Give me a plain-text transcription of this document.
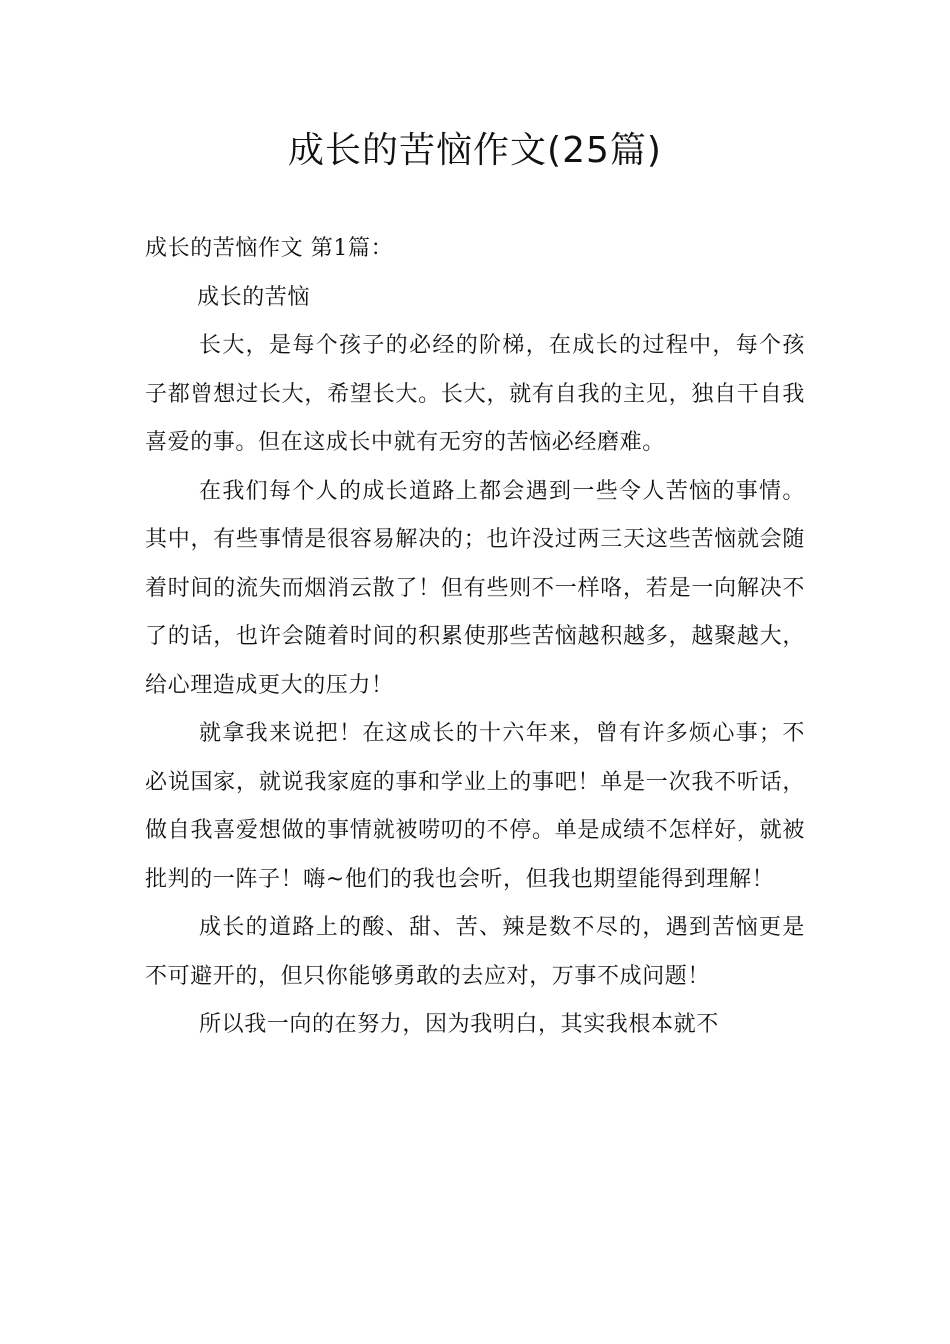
成长的苦恼作文(25篇)

成长的苦恼作文 第1篇：

成长的苦恼

长大，是每个孩子的必经的阶梯，在成长的过程中，每个孩子都曾想过长大，希望长大。长大，就有自我的主见，独自干自我喜爱的事。但在这成长中就有无穷的苦恼必经磨难。

在我们每个人的成长道路上都会遇到一些令人苦恼的事情。其中，有些事情是很容易解决的；也许没过两三天这些苦恼就会随着时间的流失而烟消云散了！但有些则不一样咯，若是一向解决不了的话，也许会随着时间的积累使那些苦恼越积越多，越聚越大，给心理造成更大的压力！

就拿我来说把！在这成长的十六年来，曾有许多烦心事；不必说国家，就说我家庭的事和学业上的事吧！单是一次我不听话，做自我喜爱想做的事情就被唠叨的不停。单是成绩不怎样好，就被批判的一阵子！嗨~他们的我也会听，但我也期望能得到理解！

成长的道路上的酸、甜、苦、辣是数不尽的，遇到苦恼更是不可避开的，但只你能够勇敢的去应对，万事不成问题！

所以我一向的在努力，因为我明白，其实我根本就不
